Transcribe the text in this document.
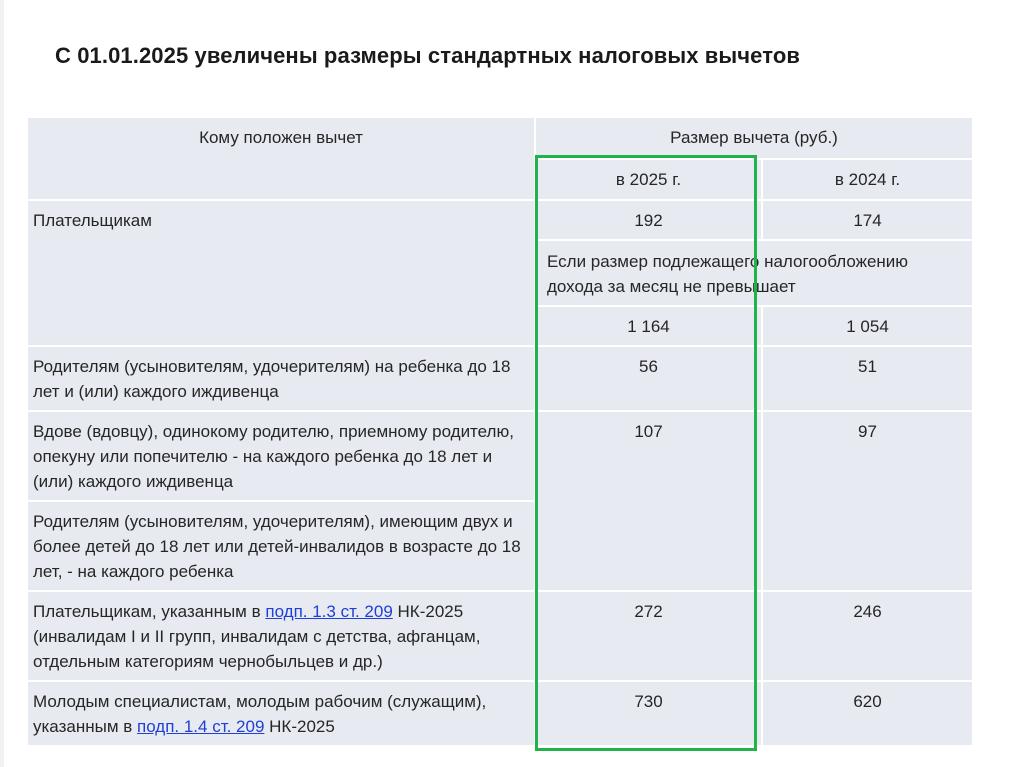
С 01.01.2025 увеличены размеры стандартных налоговых вычетов
Кому положен вычет	Размер вычета (руб.)	
	в 2025 г.	в 2024 г.
Плательщикам	192	174
	Если размер подлежащего налогообложению дохода за месяц не превышает	
	1 164	1 054
Родителям (усыновителям, удочерителям) на ребенка до 18 лет и (или) каждого иждивенца	56	51
Вдове (вдовцу), одинокому родителю, приемному родителю, опекуну или попечителю - на каждого ребенка до 18 лет и (или) каждого иждивенца	107	97
Родителям (усыновителям, удочерителям), имеющим двух и более детей до 18 лет или детей-инвалидов в возрасте до 18 лет, - на каждого ребенка		
Плательщикам, указанным в подп. 1.3 ст. 209 НК-2025 (инвалидам I и II групп, инвалидам с детства, афганцам, отдельным категориям чернобыльцев и др.)	272	246
Молодым специалистам, молодым рабочим (служащим), указанным в подп. 1.4 ст. 209 НК-2025	730	620
